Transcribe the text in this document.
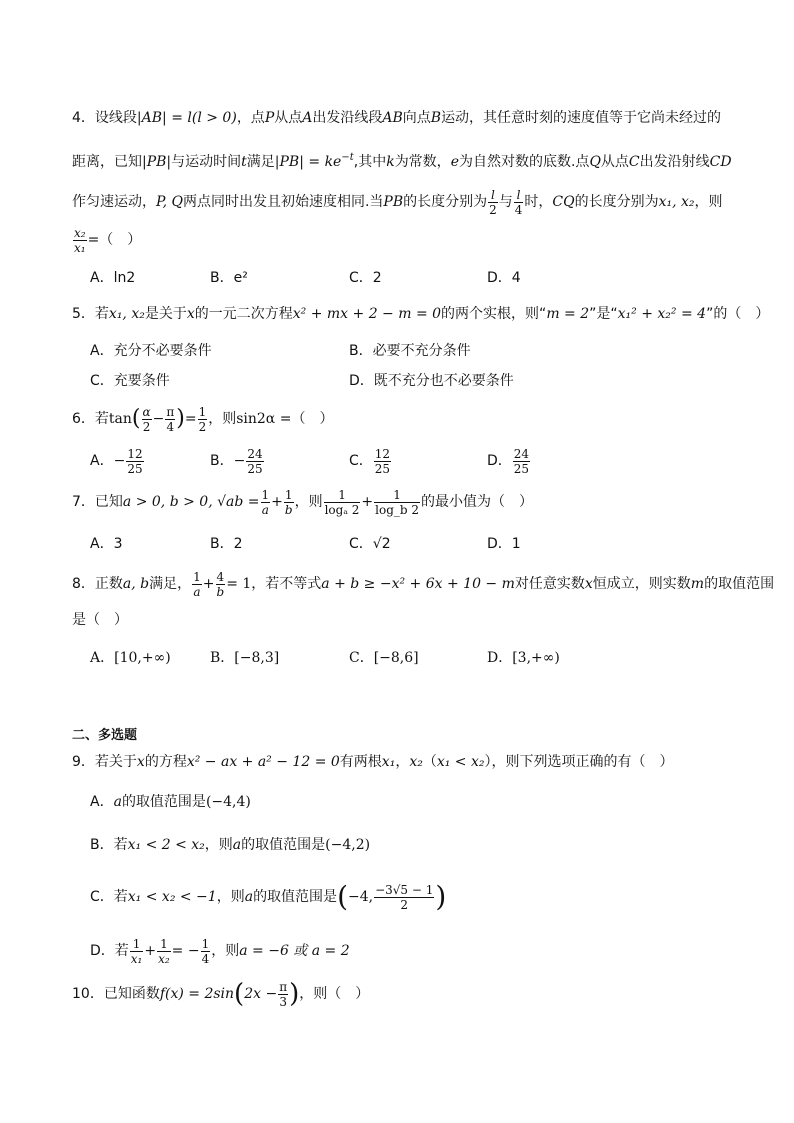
4．设线段|AB| = l(l > 0)，点P从点A出发沿线段AB向点B运动，其任意时刻的速度值等于它尚未经过的
距离，已知|PB|与运动时间t满足$|PB| = ke^{-t}$,其中k为常数，e为自然对数的底数.点Q从点C出发沿射线CD
作匀速运动，P, Q两点同时出发且初始速度相同.当PB的长度分别为 $\frac{l}{2}$ 与 $\frac{l}{4}$ 时，CQ的长度分别为x₁, x₂，则
$\frac{\text{x₂}}{\text{x₁}}$ =（　）
A．ln2	B．e²	C．2	D．4
5．若x₁, x₂是关于x的一元二次方程x² + mx + 2 − m = 0的两个实根，则“m = 2”是“x₁² + x₂² = 4”的（　）
A．充分不必要条件	B．必要不充分条件
C．充要条件	D．既不充分也不必要条件
6．若$\tan( \frac{\alpha}{2} - \frac{\pi}{4}$ )= $\frac{1}{2}$ ，则sin2α =（　）
A．− $\frac{12}{25}$	B．− $\frac{24}{25}$	C． $\frac{12}{25}$	D． $\frac{24}{25}$
7．已知a > 0, b > 0, $√ab = \frac{1}{a} + \frac{1}{b}$ ，则 $\frac{1}{\text{logₐ 2}} + \frac{1}{\log\_b 2}$ 的最小值为（　）
A．3	B．2	C．√2	D．1
8．正数a, b满足， $\frac{1}{a} + \frac{4}{b} = 1$，若不等式a + b ≥ −x² + 6x + 10 − m对任意实数x恒成立，则实数m的取值范围
是（　）
A．[10,+∞)	B．[−8,3]	C．[−8,6]	D．[3,+∞)
二、多选题
9．若关于x的方程x² − ax + a² − 12 = 0有两根x₁，x₂（x₁ < x₂），则下列选项正确的有（　）
A．a的取值范围是(−4,4)
B．若x₁ < 2 < x₂，则a的取值范围是(−4,2)
C．若x₁ < x₂ < −1，则a的取值范围是(−4, $\frac{-3√5 - 1}{2}$ )
D．若 $\frac{1}{\text{x₁}} + \frac{1}{\text{x₂}}$ = − $\frac{1}{4}$ ，则a = −6 或 a = 2
10．已知函数$f(x) = 2\sin(2x - \frac{\pi}{3}$ )，则（　）
